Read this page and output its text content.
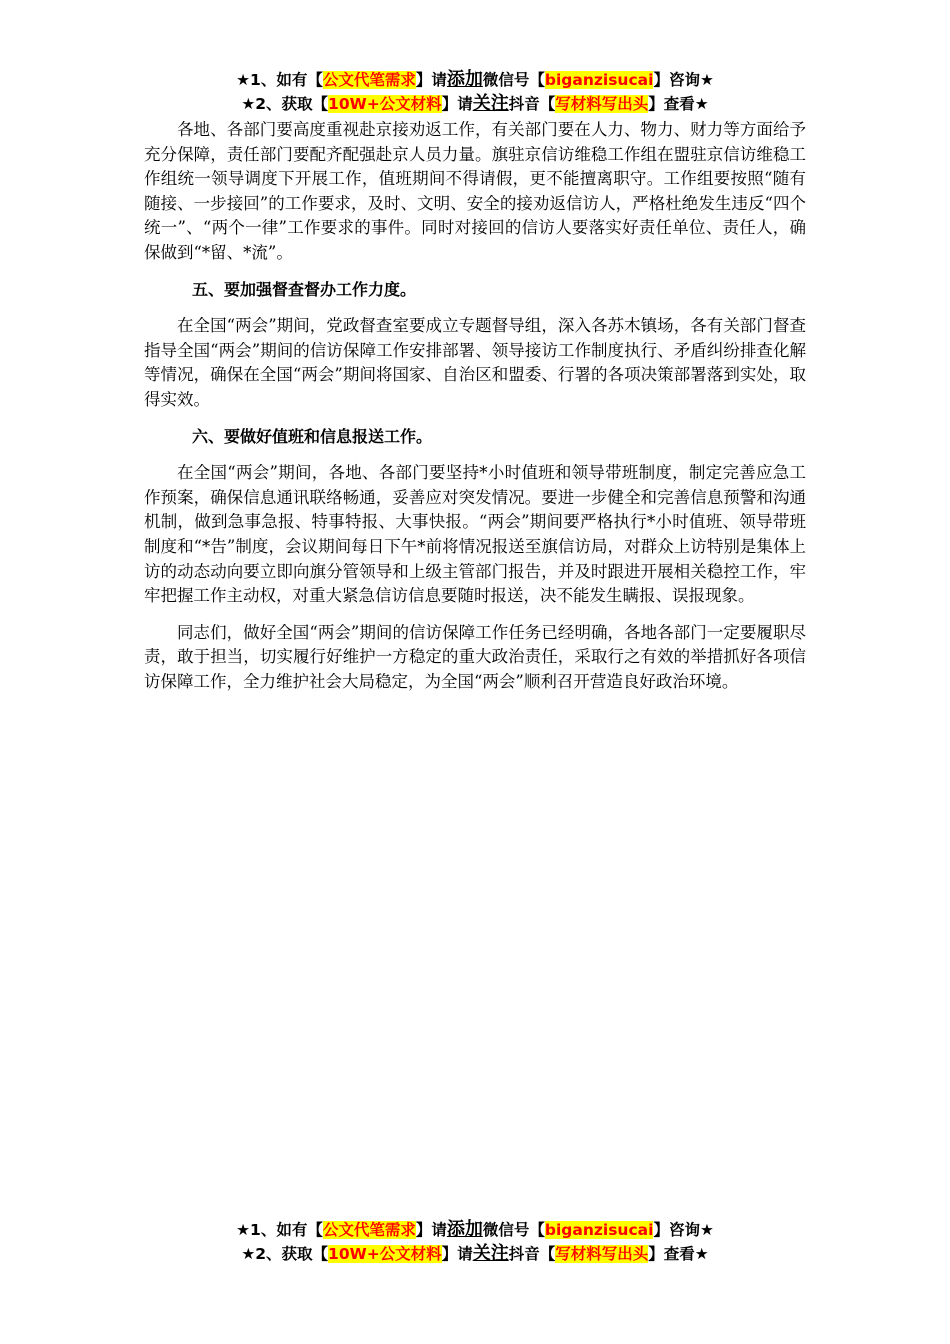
★1、如有【公文代笔需求】请添加微信号【biganzisucai】咨询★
★2、获取【10W+公文材料】请关注抖音【写材料写出头】查看★

各地、各部门要高度重视赴京接劝返工作，有关部门要在人力、物力、财力等方面给予充分保障，责任部门要配齐配强赴京人员力量。旗驻京信访维稳工作组在盟驻京信访维稳工作组统一领导调度下开展工作，值班期间不得请假，更不能擅离职守。工作组要按照“随有随接、一步接回”的工作要求，及时、文明、安全的接劝返信访人，严格杜绝发生违反“四个统一”、“两个一律”工作要求的事件。同时对接回的信访人要落实好责任单位、责任人，确保做到“*留、*流”。

五、要加强督查督办工作力度。

在全国“两会”期间，党政督查室要成立专题督导组，深入各苏木镇场，各有关部门督查指导全国“两会”期间的信访保障工作安排部署、领导接访工作制度执行、矛盾纠纷排查化解等情况，确保在全国“两会”期间将国家、自治区和盟委、行署的各项决策部署落到实处，取得实效。

六、要做好值班和信息报送工作。

在全国“两会”期间，各地、各部门要坚持*小时值班和领导带班制度，制定完善应急工作预案，确保信息通讯联络畅通，妥善应对突发情况。要进一步健全和完善信息预警和沟通机制，做到急事急报、特事特报、大事快报。“两会”期间要严格执行*小时值班、领导带班制度和“*告”制度，会议期间每日下午*前将情况报送至旗信访局，对群众上访特别是集体上访的动态动向要立即向旗分管领导和上级主管部门报告，并及时跟进开展相关稳控工作，牢牢把握工作主动权，对重大紧急信访信息要随时报送，决不能发生瞒报、误报现象。

同志们，做好全国“两会”期间的信访保障工作任务已经明确，各地各部门一定要履职尽责，敢于担当，切实履行好维护一方稳定的重大政治责任，采取行之有效的举措抓好各项信访保障工作，全力维护社会大局稳定，为全国“两会”顺利召开营造良好政治环境。

★1、如有【公文代笔需求】请添加微信号【biganzisucai】咨询★
★2、获取【10W+公文材料】请关注抖音【写材料写出头】查看★
